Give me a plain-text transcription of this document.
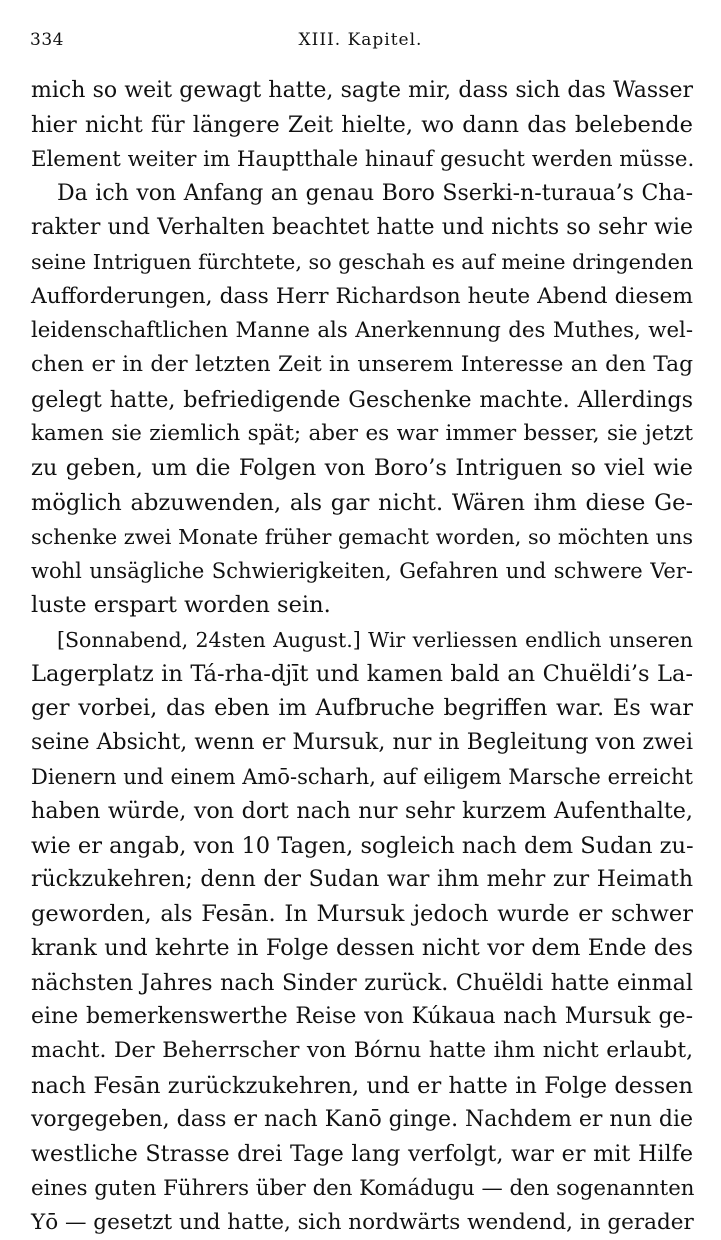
334	XIII. Kapitel.
mich so weit gewagt hatte, sagte mir, dass sich das Wasser
hier nicht für längere Zeit hielte, wo dann das belebende
Element weiter im Hauptthale hinauf gesucht werden müsse.
Da ich von Anfang an genau Boro Sserki-n-turaua’s Cha-
rakter und Verhalten beachtet hatte und nichts so sehr wie
seine Intriguen fürchtete, so geschah es auf meine dringenden
Aufforderungen, dass Herr Richardson heute Abend diesem
leidenschaftlichen Manne als Anerkennung des Muthes, wel-
chen er in der letzten Zeit in unserem Interesse an den Tag
gelegt hatte, befriedigende Geschenke machte. Allerdings
kamen sie ziemlich spät; aber es war immer besser, sie jetzt
zu geben, um die Folgen von Boro’s Intriguen so viel wie
möglich abzuwenden, als gar nicht. Wären ihm diese Ge-
schenke zwei Monate früher gemacht worden, so möchten uns
wohl unsägliche Schwierigkeiten, Gefahren und schwere Ver-
luste erspart worden sein.
[Sonnabend, 24sten August.] Wir verliessen endlich unseren
Lagerplatz in Tá-rha-djīt und kamen bald an Chuëldi’s La-
ger vorbei, das eben im Aufbruche begriffen war. Es war
seine Absicht, wenn er Mursuk, nur in Begleitung von zwei
Dienern und einem Amō-scharh, auf eiligem Marsche erreicht
haben würde, von dort nach nur sehr kurzem Aufenthalte,
wie er angab, von 10 Tagen, sogleich nach dem Sudan zu-
rückzukehren; denn der Sudan war ihm mehr zur Heimath
geworden, als Fesān. In Mursuk jedoch wurde er schwer
krank und kehrte in Folge dessen nicht vor dem Ende des
nächsten Jahres nach Sinder zurück. Chuëldi hatte einmal
eine bemerkenswerthe Reise von Kúkaua nach Mursuk ge-
macht. Der Beherrscher von Bórnu hatte ihm nicht erlaubt,
nach Fesān zurückzukehren, und er hatte in Folge dessen
vorgegeben, dass er nach Kanō ginge. Nachdem er nun die
westliche Strasse drei Tage lang verfolgt, war er mit Hilfe
eines guten Führers über den Komádugu — den sogenannten
Yō — gesetzt und hatte, sich nordwärts wendend, in gerader
